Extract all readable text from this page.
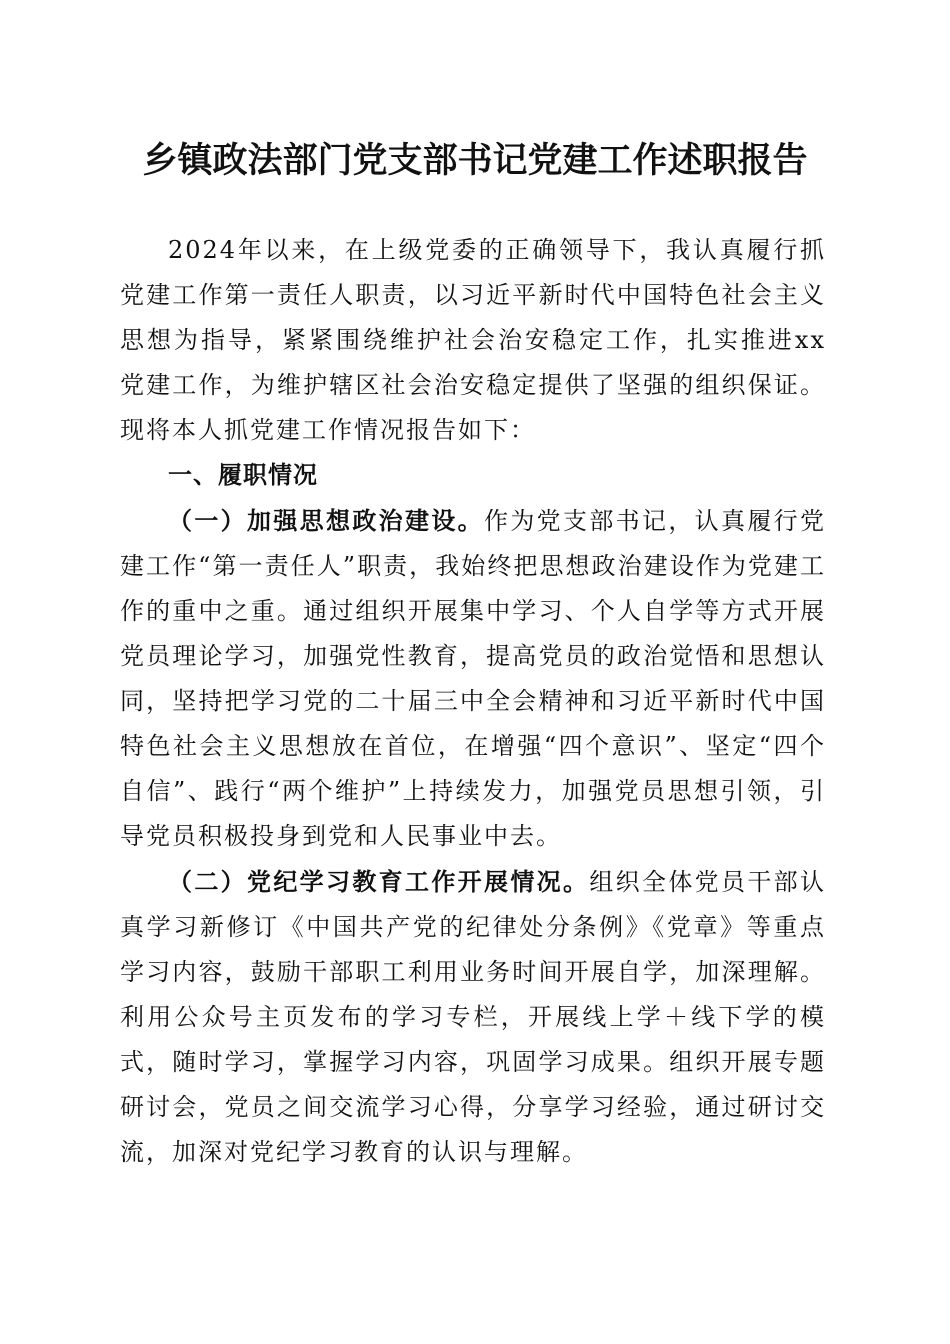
乡镇政法部门党支部书记党建工作述职报告

2024年以来，在上级党委的正确领导下，我认真履行抓党建工作第一责任人职责，以习近平新时代中国特色社会主义思想为指导，紧紧围绕维护社会治安稳定工作，扎实推进xx党建工作，为维护辖区社会治安稳定提供了坚强的组织保证。现将本人抓党建工作情况报告如下：

一、履职情况

（一）加强思想政治建设。作为党支部书记，认真履行党建工作“第一责任人”职责，我始终把思想政治建设作为党建工作的重中之重。通过组织开展集中学习、个人自学等方式开展党员理论学习，加强党性教育，提高党员的政治觉悟和思想认同，坚持把学习党的二十届三中全会精神和习近平新时代中国特色社会主义思想放在首位，在增强“四个意识”、坚定“四个自信”、践行“两个维护”上持续发力，加强党员思想引领，引导党员积极投身到党和人民事业中去。

（二）党纪学习教育工作开展情况。组织全体党员干部认真学习新修订《中国共产党的纪律处分条例》《党章》等重点学习内容，鼓励干部职工利用业务时间开展自学，加深理解。利用公众号主页发布的学习专栏，开展线上学＋线下学的模式，随时学习，掌握学习内容，巩固学习成果。组织开展专题研讨会，党员之间交流学习心得，分享学习经验，通过研讨交流，加深对党纪学习教育的认识与理解。
